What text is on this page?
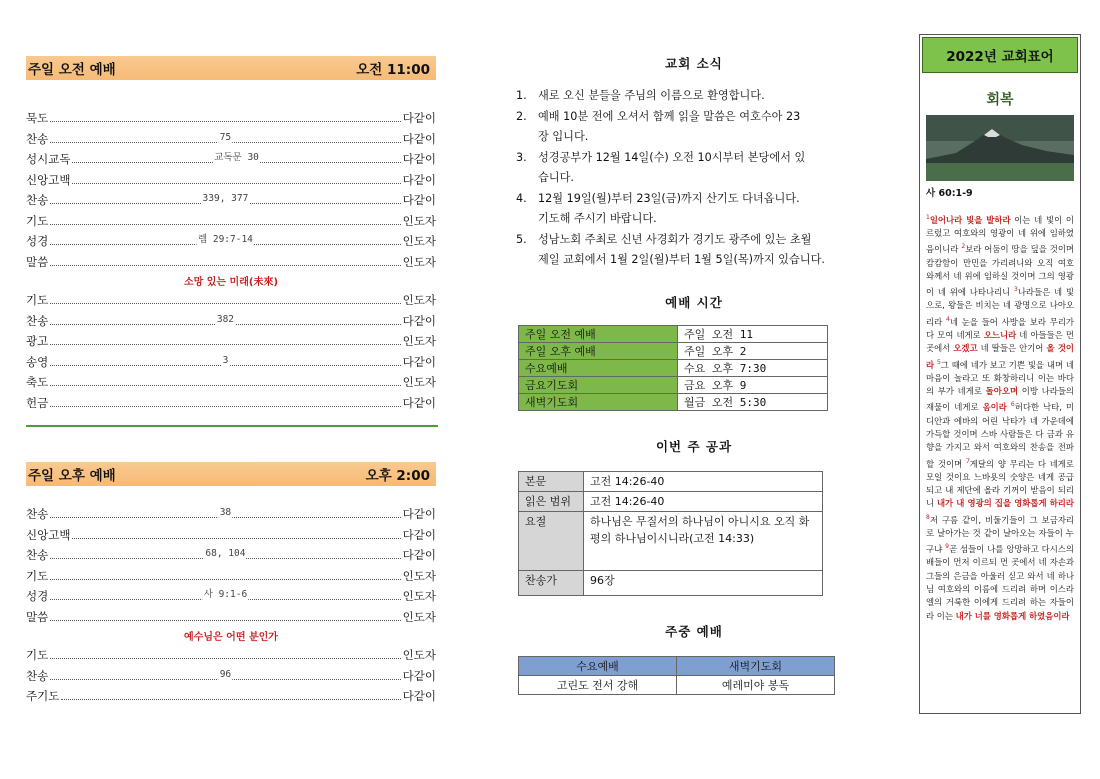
주일 오전 예배	오전 11:00
묵도	다같이
찬송	75	다같이
성시교독	교독문 30	다같이
신앙고백	다같이
찬송	339, 377	다같이
기도	인도자
성경	렘 29:7-14	인도자
말씀	인도자
소망 있는 미래(未來)
기도	인도자
찬송	382	다같이
광고	인도자
송영	3	다같이
축도	인도자
헌금	다같이
주일 오후 예배	오후 2:00
찬송	38	다같이
신앙고백	다같이
찬송	68, 104	다같이
기도	인도자
성경	사 9:1-6	인도자
말씀	인도자
예수님은 어떤 분인가
기도	인도자
찬송	96	다같이
주기도	다같이
교회 소식
1.	새로 오신 분들을 주님의 이름으로 환영합니다.
2.	예배 10분 전에 오셔서 함께 읽을 말씀은 여호수아 23
장 입니다.
3.	성경공부가 12월 14일(수) 오전 10시부터 본당에서 있
습니다.
4.	12월 19일(월)부터 23일(금)까지 산기도 다녀옵니다.
기도해 주시기 바랍니다.
5.	성남노회 주최로 신년 사경회가 경기도 광주에 있는 초월
제일 교회에서 1월 2일(월)부터 1월 5일(목)까지 있습니다.
예배 시간
주일 오전 예배	주일 오전 11
주일 오후 예배	주일 오후 2
수요예배	수요 오후 7:30
금요기도회	금요 오후 9
새벽기도회	월금 오전 5:30
이번 주 공과
본문	고전 14:26-40
읽은 범위	고전 14:26-40
요절	하나님은 무질서의 하나님이 아니시요 오직 화평의 하나님이시니라(고전 14:33)
찬송가	96장
주중 예배
수요예배	새벽기도회
고린도 전서 강해	예레미야 봉독
2022년 교회표어
회복
사 60:1-9
$^1$일어나라 빛을 발하라 이는 네 빛이 이르렀고 여호와의 영광이 네 위에 임하였음이니라 $^2$보라 어둠이 땅을 덮을 것이며 캄캄함이 만민을 가리려니와 오직 여호와께서 네 위에 임하실 것이며 그의 영광이 네 위에 나타나리니 $^3$나라들은 네 빛으로, 왕들은 비치는 네 광명으로 나아오리라 $^4$네 눈을 들어 사방을 보라 무리가 다 모여 네게로 오느니라 네 아들들은 먼 곳에서 오겠고 네 딸들은 안기어 올 것이라 $^5$그 때에 네가 보고 기쁜 빛을 내며 네 마음이 놀라고 또 화창하리니 이는 바다의 부가 네게로 돌아오며 이방 나라들의 재물이 네게로 옴이라 $^6$허다한 낙타, 미디안과 에바의 어린 낙타가 네 가운데에 가득할 것이며 스바 사람들은 다 금과 유향을 가지고 와서 여호와의 찬송을 전파할 것이며 $^7$게달의 양 무리는 다 네게로 모일 것이요 느바욧의 숫양은 네게 공급되고 내 제단에 올라 기꺼이 받음이 되리니 내가 내 영광의 집을 영화롭게 하리라 $^8$저 구름 같이, 비둘기들이 그 보금자리로 날아가는 것 같이 날아오는 자들이 누구냐 $^9$곧 섬들이 나를 앙망하고 다시스의 배들이 먼저 이르되 먼 곳에서 네 자손과 그들의 은금을 아울러 싣고 와서 네 하나님 여호와의 이름에 드리려 하며 이스라엘의 거룩한 이에게 드리려 하는 자들이라 이는 내가 너를 영화롭게 하였음이라
